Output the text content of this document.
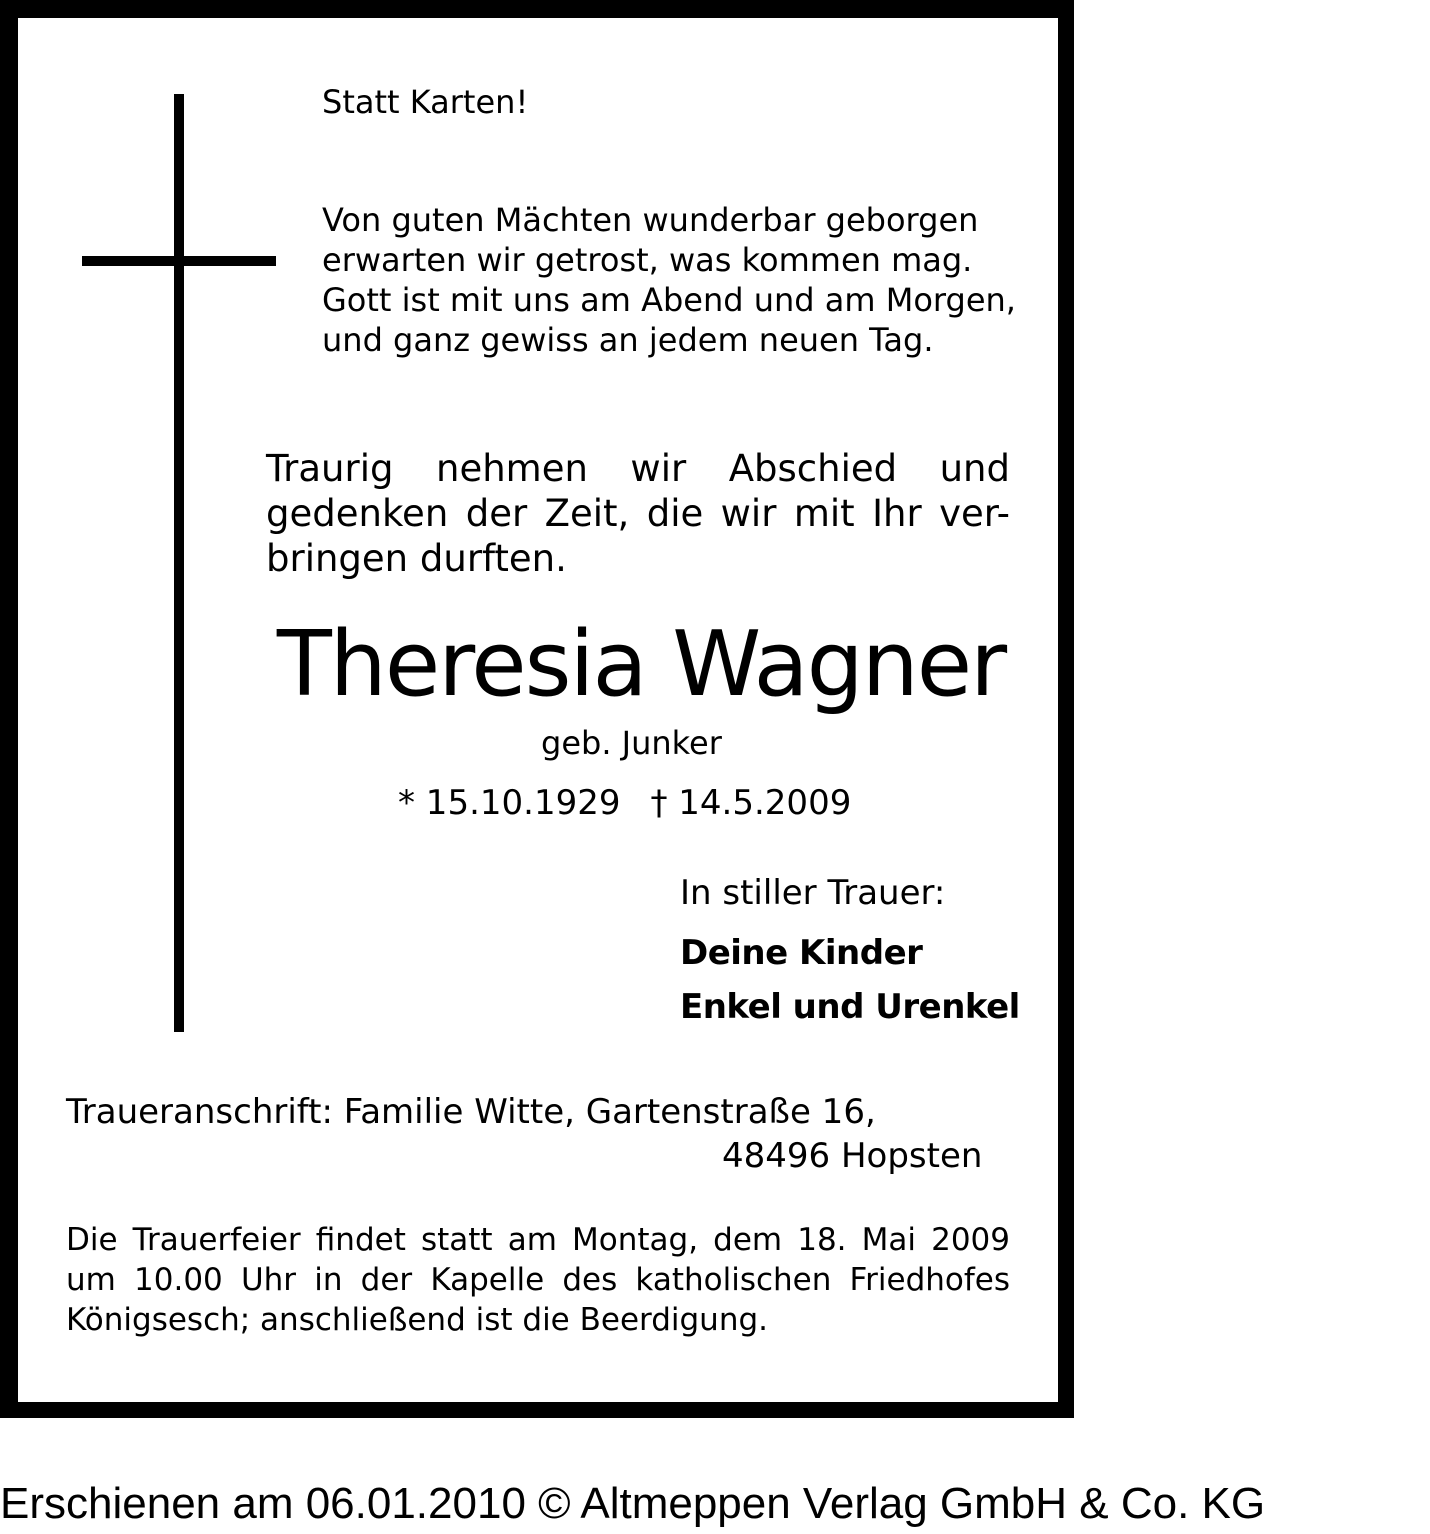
Statt Karten!
Von guten Mächten wunderbar geborgen
erwarten wir getrost, was kommen mag.
Gott ist mit uns am Abend und am Morgen,
und ganz gewiss an jedem neuen Tag.
Traurig nehmen wir Abschied und
gedenken der Zeit, die wir mit Ihr ver-
bringen durften.
Theresia Wagner
geb. Junker
* 15.10.1929 † 14.5.2009
In stiller Trauer:
Deine Kinder
Enkel und Urenkel
Traueranschrift: Familie Witte, Gartenstraße 16,
48496 Hopsten
Die Trauerfeier findet statt am Montag, dem 18. Mai 2009
um 10.00 Uhr in der Kapelle des katholischen Friedhofes
Königsesch; anschließend ist die Beerdigung.
Erschienen am 06.01.2010 © Altmeppen Verlag GmbH & Co. KG
